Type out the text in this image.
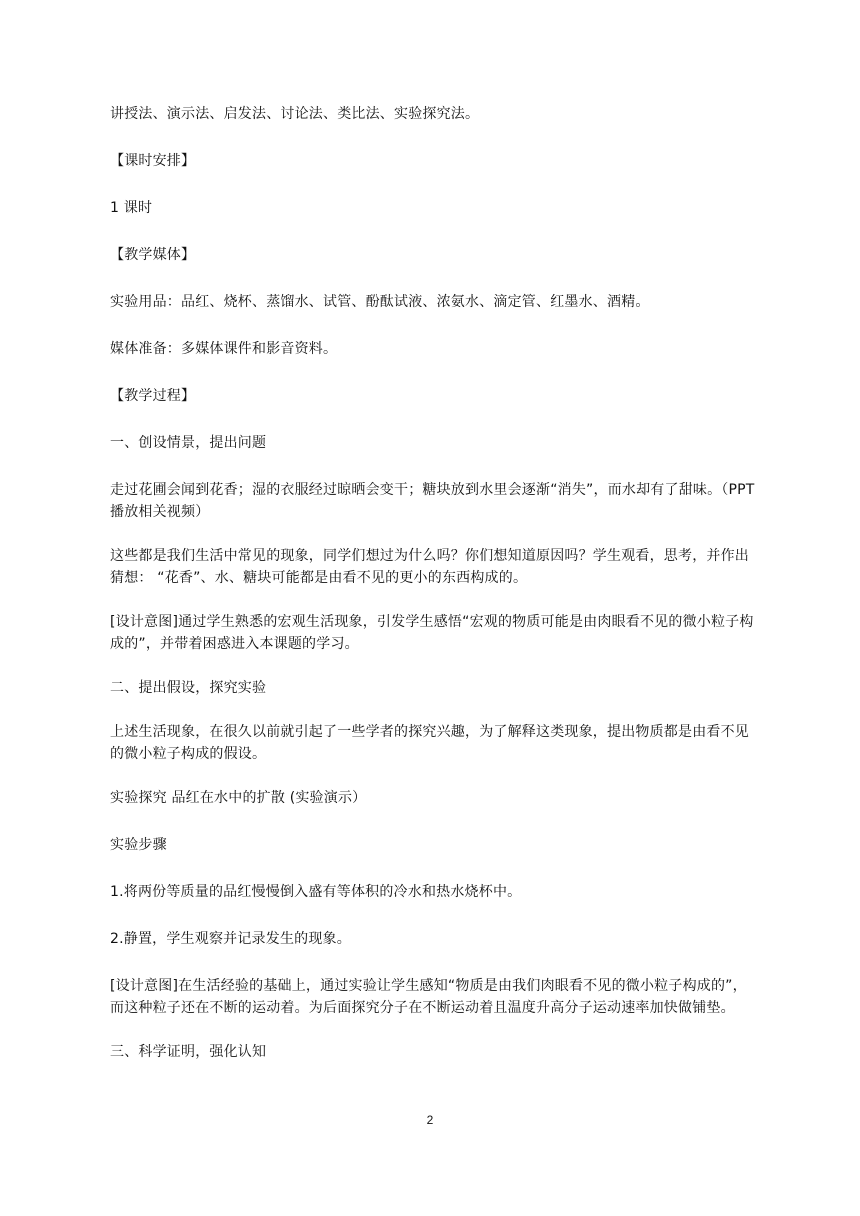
讲授法、演示法、启发法、讨论法、类比法、实验探究法。

【课时安排】

1 课时

【教学媒体】

实验用品：品红、烧杯、蒸馏水、试管、酚酞试液、浓氨水、滴定管、红墨水、酒精。

媒体准备：多媒体课件和影音资料。

【教学过程】

一、创设情景，提出问题

走过花圃会闻到花香；湿的衣服经过晾晒会变干；糖块放到水里会逐渐“消失”，而水却有了甜味。（PPT 播放相关视频）

这些都是我们生活中常见的现象，同学们想过为什么吗？你们想知道原因吗？学生观看，思考，并作出猜想： “花香”、水、糖块可能都是由看不见的更小的东西构成的。

[设计意图]通过学生熟悉的宏观生活现象，引发学生感悟“宏观的物质可能是由肉眼看不见的微小粒子构成的”，并带着困惑进入本课题的学习。

二、提出假设，探究实验

上述生活现象，在很久以前就引起了一些学者的探究兴趣，为了解释这类现象，提出物质都是由看不见的微小粒子构成的假设。

实验探究 品红在水中的扩散 (实验演示）

实验步骤

1.将两份等质量的品红慢慢倒入盛有等体积的冷水和热水烧杯中。

2.静置，学生观察并记录发生的现象。

[设计意图]在生活经验的基础上，通过实验让学生感知“物质是由我们肉眼看不见的微小粒子构成的”，而这种粒子还在不断的运动着。为后面探究分子在不断运动着且温度升高分子运动速率加快做铺垫。

三、科学证明，强化认知

2
